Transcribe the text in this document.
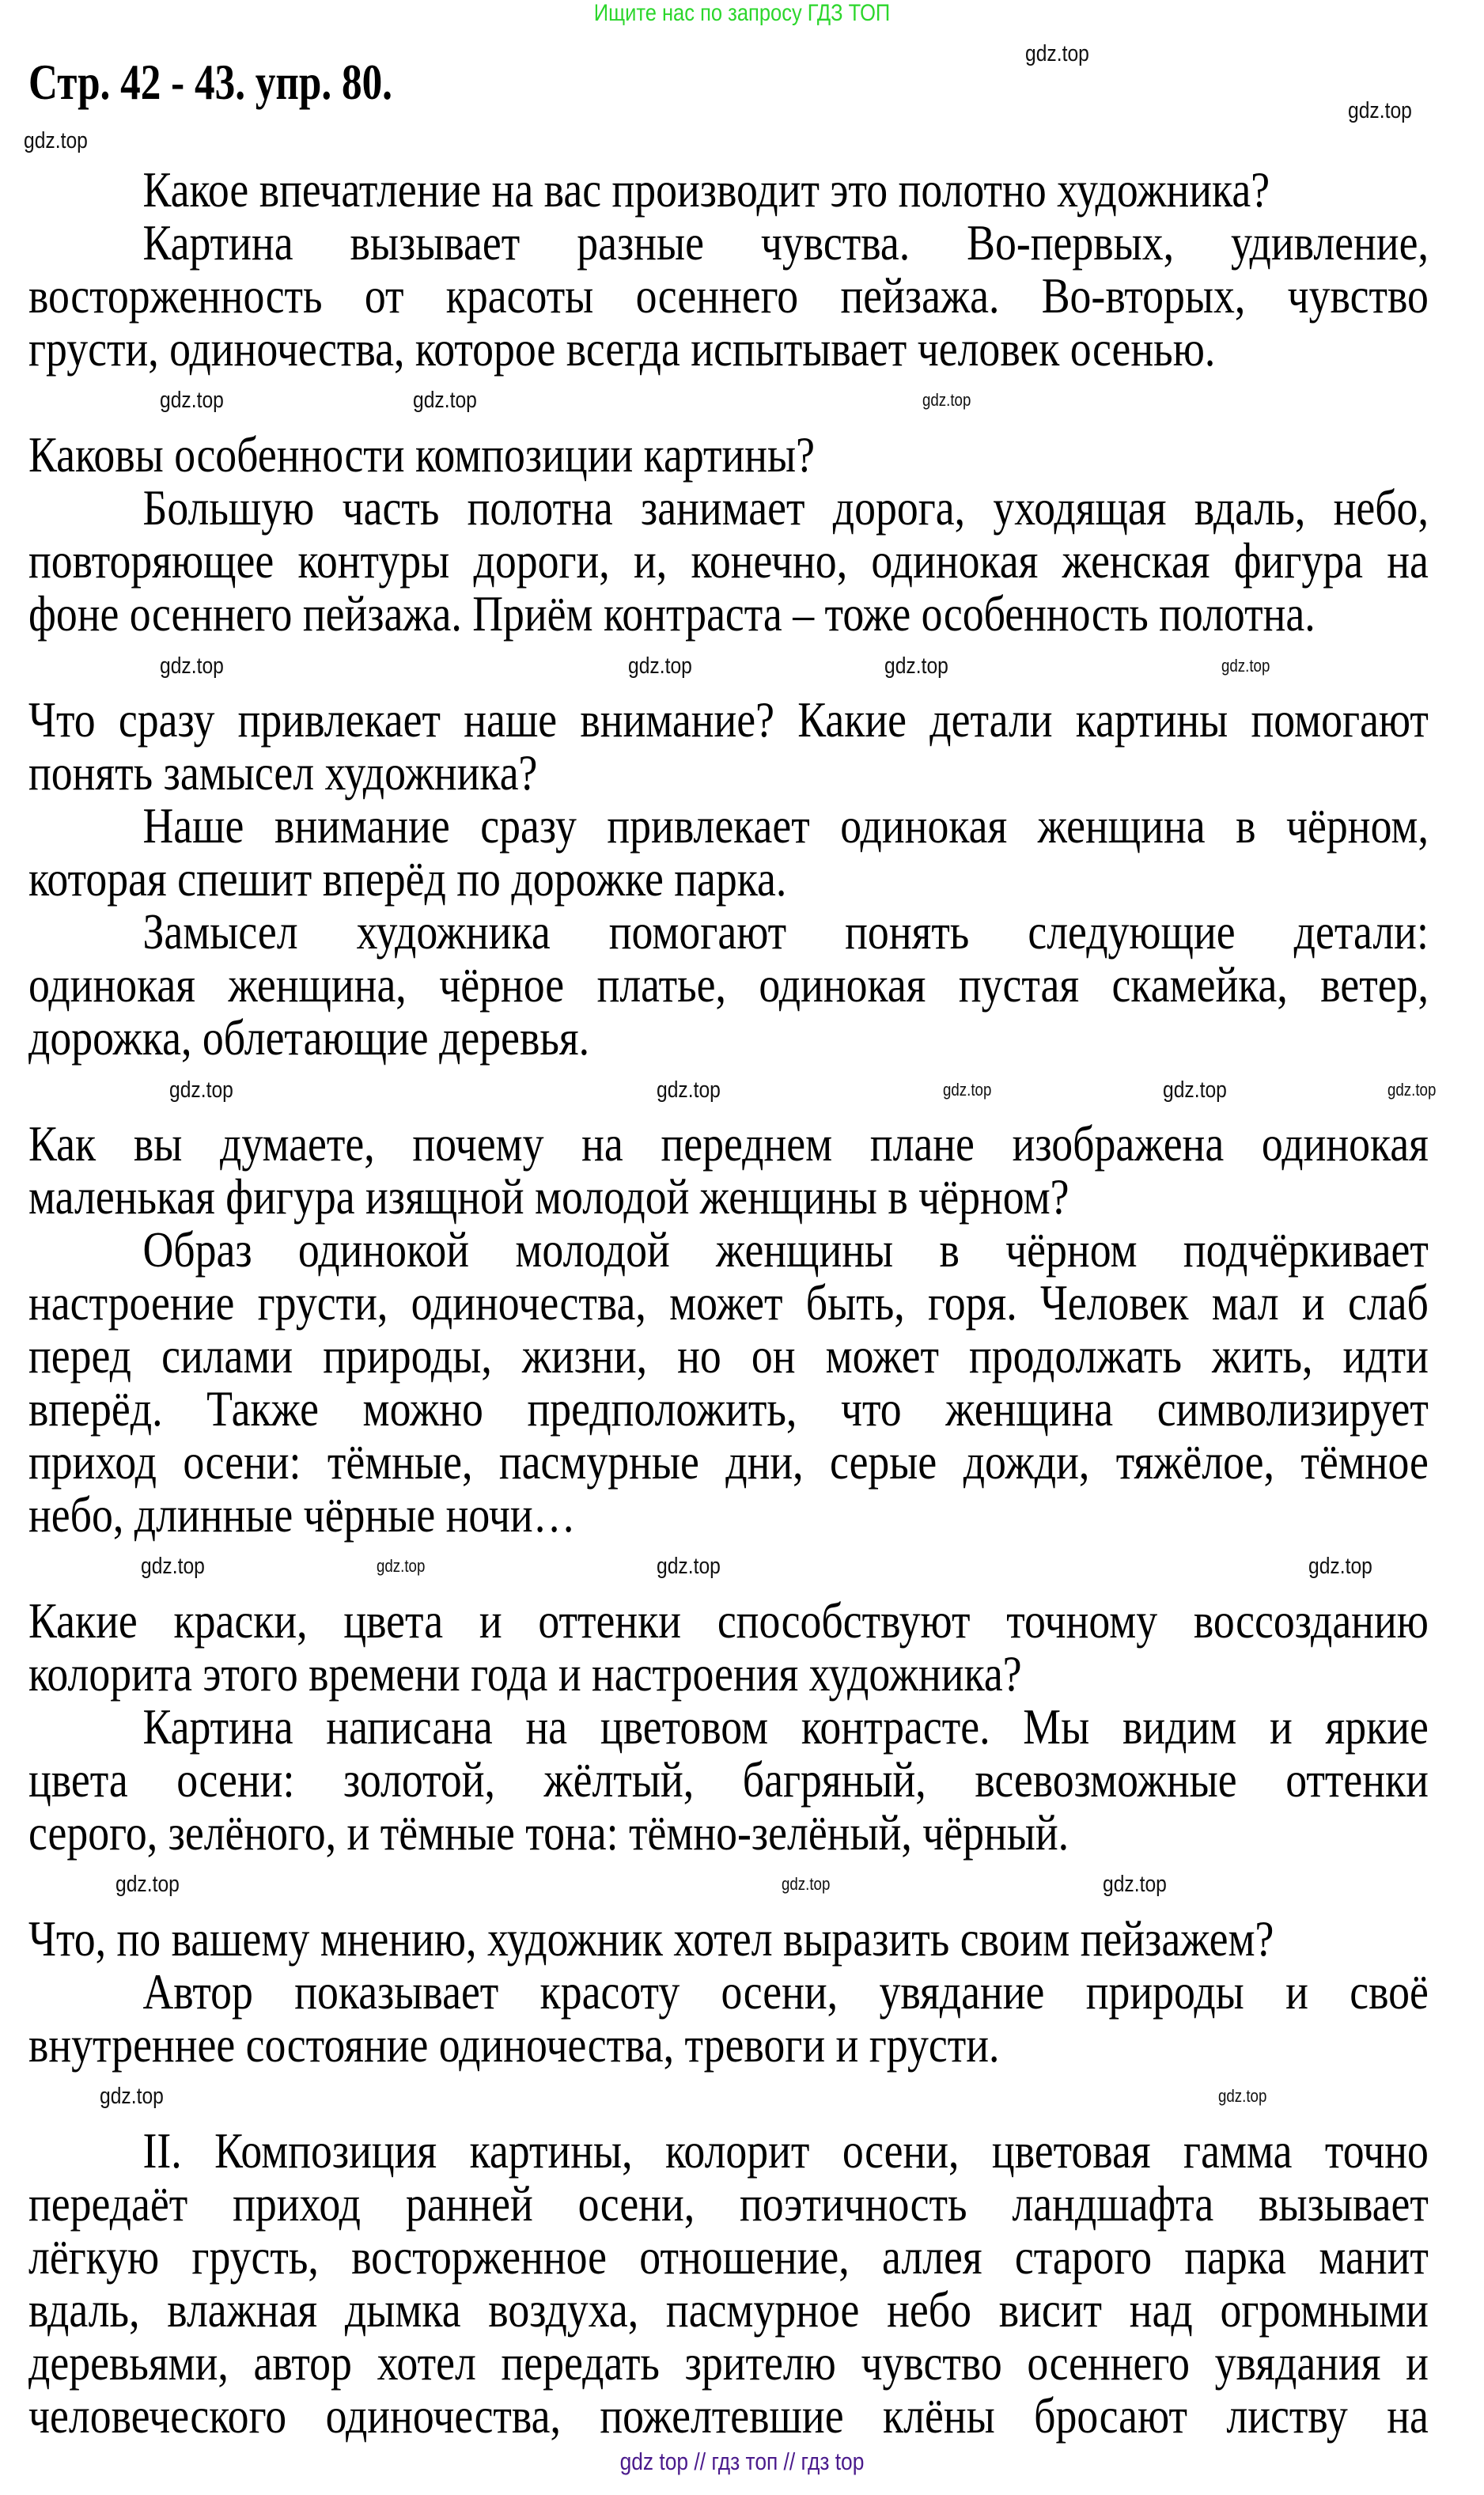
Ищите нас по запросу ГДЗ ТОП
Стр. 42 - 43. упр. 80.
Какое впечатление на вас производит это полотно художника?
Картина вызывает разные чувства. Во-первых, удивление,
восторженность от красоты осеннего пейзажа. Во-вторых, чувство
грусти, одиночества, которое всегда испытывает человек осенью.
Каковы особенности композиции картины?
Большую часть полотна занимает дорога, уходящая вдаль, небо,
повторяющее контуры дороги, и, конечно, одинокая женская фигура на
фоне осеннего пейзажа. Приём контраста – тоже особенность полотна.
Что сразу привлекает наше внимание? Какие детали картины помогают
понять замысел художника?
Наше внимание сразу привлекает одинокая женщина в чёрном,
которая спешит вперёд по дорожке парка.
Замысел художника помогают понять следующие детали:
одинокая женщина, чёрное платье, одинокая пустая скамейка, ветер,
дорожка, облетающие деревья.
Как вы думаете, почему на переднем плане изображена одинокая
маленькая фигура изящной молодой женщины в чёрном?
Образ одинокой молодой женщины в чёрном подчёркивает
настроение грусти, одиночества, может быть, горя. Человек мал и слаб
перед силами природы, жизни, но он может продолжать жить, идти
вперёд. Также можно предположить, что женщина символизирует
приход осени: тёмные, пасмурные дни, серые дожди, тяжёлое, тёмное
небо, длинные чёрные ночи…
Какие краски, цвета и оттенки способствуют точному воссозданию
колорита этого времени года и настроения художника?
Картина написана на цветовом контрасте. Мы видим и яркие
цвета осени: золотой, жёлтый, багряный, всевозможные оттенки
серого, зелёного, и тёмные тона: тёмно-зелёный, чёрный.
Что, по вашему мнению, художник хотел выразить своим пейзажем?
Автор показывает красоту осени, увядание природы и своё
внутреннее состояние одиночества, тревоги и грусти.
II. Композиция картины, колорит осени, цветовая гамма точно
передаёт приход ранней осени, поэтичность ландшафта вызывает
лёгкую грусть, восторженное отношение, аллея старого парка манит
вдаль, влажная дымка воздуха, пасмурное небо висит над огромными
деревьями, автор хотел передать зрителю чувство осеннего увядания и
человеческого одиночества, пожелтевшие клёны бросают листву на
gdz.top
gdz.top
gdz.top
gdz.top	gdz.top	gdz.top
gdz.top	gdz.top	gdz.top	gdz.top
gdz.top	gdz.top	gdz.top	gdz.top
gdz.top
gdz.top	gdz.top	gdz.top
gdz.top
gdz.top	gdz.top
gdz.top
gdz.top	gdz.top
gdz top // гдз топ // гдз top
